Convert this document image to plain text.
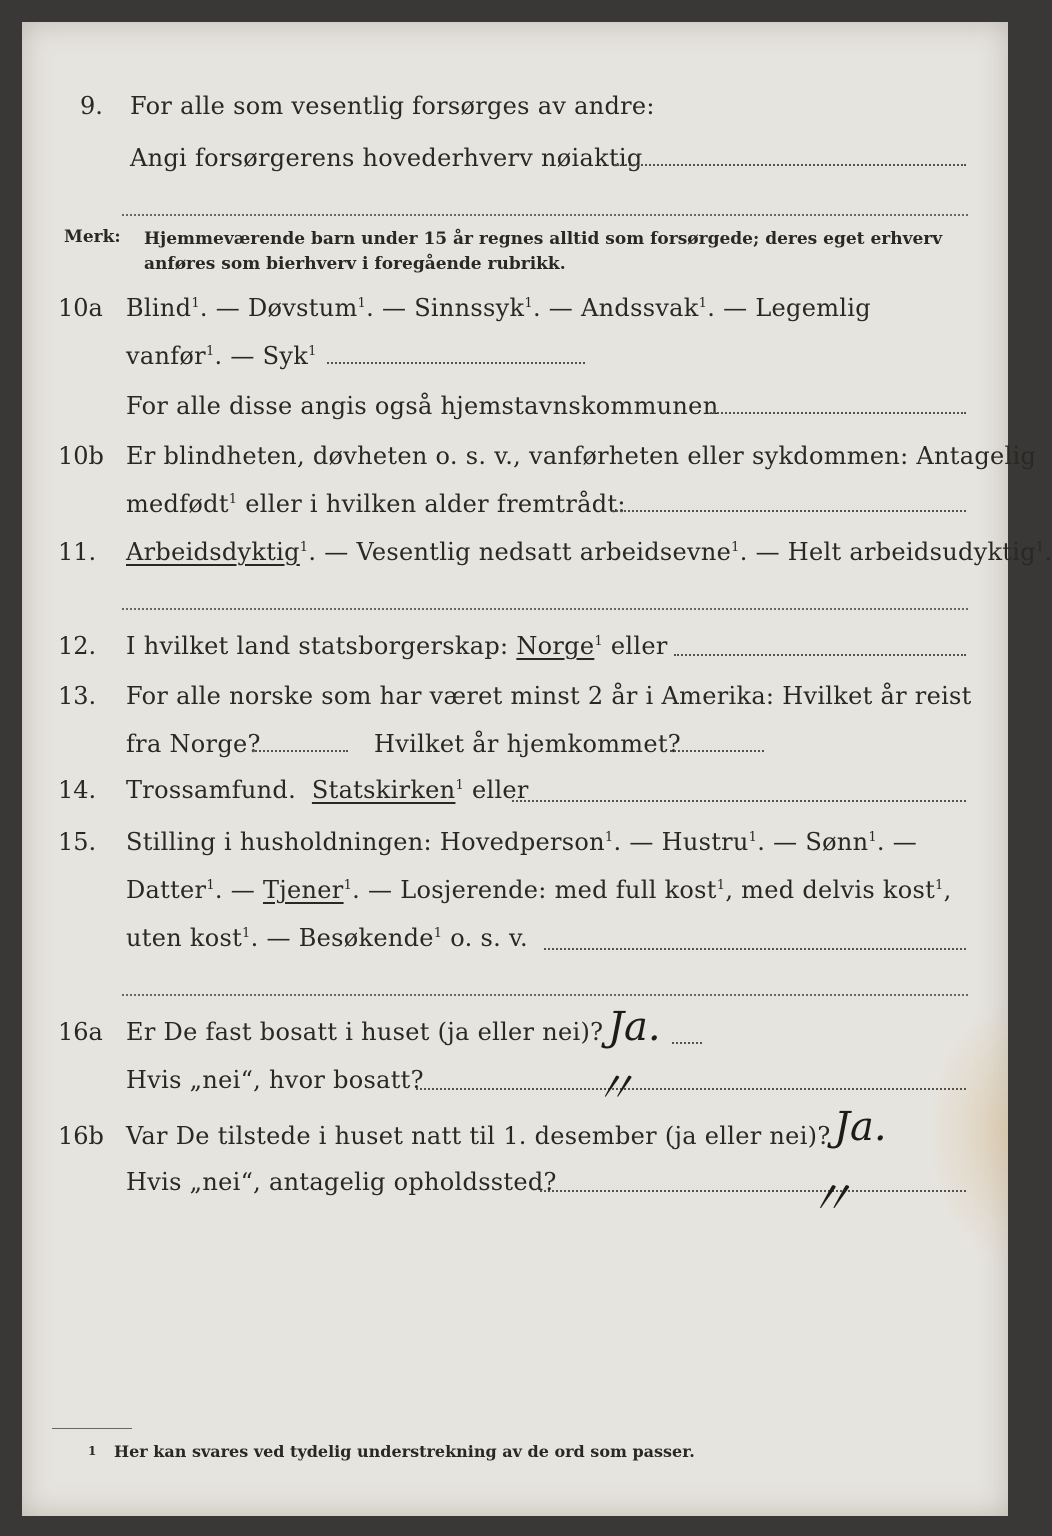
9. For alle som vesentlig forsørges av andre:
Angi forsørgerens hovederhverv nøiaktig
Merk: Hjemmeværende barn under 15 år regnes alltid som forsørgede; deres eget erhverv
anføres som bierhverv i foregående rubrikk.
10a Blind$^1$. — Døvstum$^1$. — Sinnssyk$^1$. — Andssvak$^1$. — Legemlig
vanfør$^1$. — Syk$^1$
For alle disse angis også hjemstavnskommunen
10b Er blindheten, døvheten o. s. v., vanførheten eller sykdommen: Antagelig
medfødt$^1$ eller i hvilken alder fremtrådt:
11. Arbeidsdyktig$^1$. — Vesentlig nedsatt arbeidsevne$^1$. — Helt arbeidsudyktig$^1$.
12. I hvilket land statsborgerskap: Norge$^1$ eller
13. For alle norske som har været minst 2 år i Amerika: Hvilket år reist
fra Norge?	Hvilket år hjemkommet?
14. Trossamfund. Statskirken$^1$ eller
15. Stilling i husholdningen: Hovedperson$^1$. — Hustru$^1$. — Sønn$^1$. —
Datter$^1$. — Tjener$^1$. — Losjerende: med full kost$^1$, med delvis kost$^1$,
uten kost$^1$. — Besøkende$^1$ o. s. v.
16a Er De fast bosatt i huset (ja eller nei)? Ja.
Hvis „nei“, hvor bosatt?	〃
16b Var De tilstede i huset natt til 1. desember (ja eller nei)? Ja.
Hvis „nei“, antagelig opholdssted?	〃
1 Her kan svares ved tydelig understrekning av de ord som passer.
